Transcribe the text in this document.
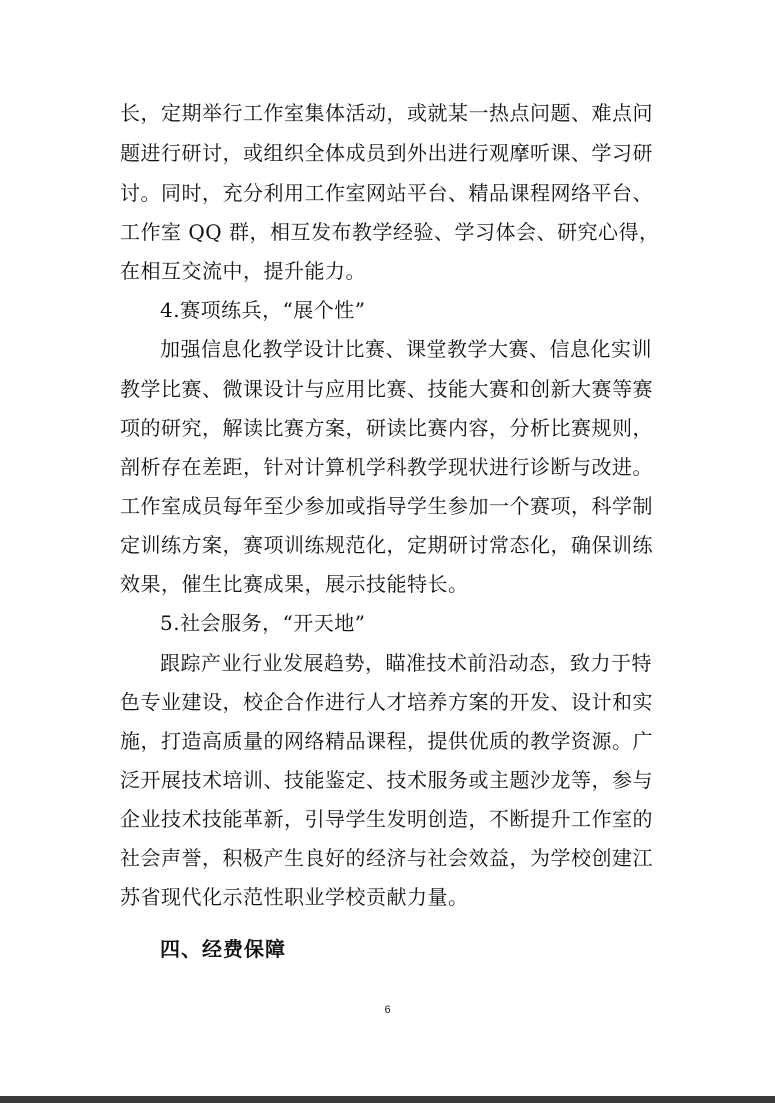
长，定期举行工作室集体活动，或就某一热点问题、难点问
题进行研讨，或组织全体成员到外出进行观摩听课、学习研
讨。同时，充分利用工作室网站平台、精品课程网络平台、
工作室 QQ 群，相互发布教学经验、学习体会、研究心得，
在相互交流中，提升能力。
4.赛项练兵，“展个性”
加强信息化教学设计比赛、课堂教学大赛、信息化实训
教学比赛、微课设计与应用比赛、技能大赛和创新大赛等赛
项的研究，解读比赛方案，研读比赛内容，分析比赛规则，
剖析存在差距，针对计算机学科教学现状进行诊断与改进。
工作室成员每年至少参加或指导学生参加一个赛项，科学制
定训练方案，赛项训练规范化，定期研讨常态化，确保训练
效果，催生比赛成果，展示技能特长。
5.社会服务，“开天地”
跟踪产业行业发展趋势，瞄准技术前沿动态，致力于特
色专业建设，校企合作进行人才培养方案的开发、设计和实
施，打造高质量的网络精品课程，提供优质的教学资源。广
泛开展技术培训、技能鉴定、技术服务或主题沙龙等，参与
企业技术技能革新，引导学生发明创造，不断提升工作室的
社会声誉，积极产生良好的经济与社会效益，为学校创建江
苏省现代化示范性职业学校贡献力量。
四、经费保障
6
